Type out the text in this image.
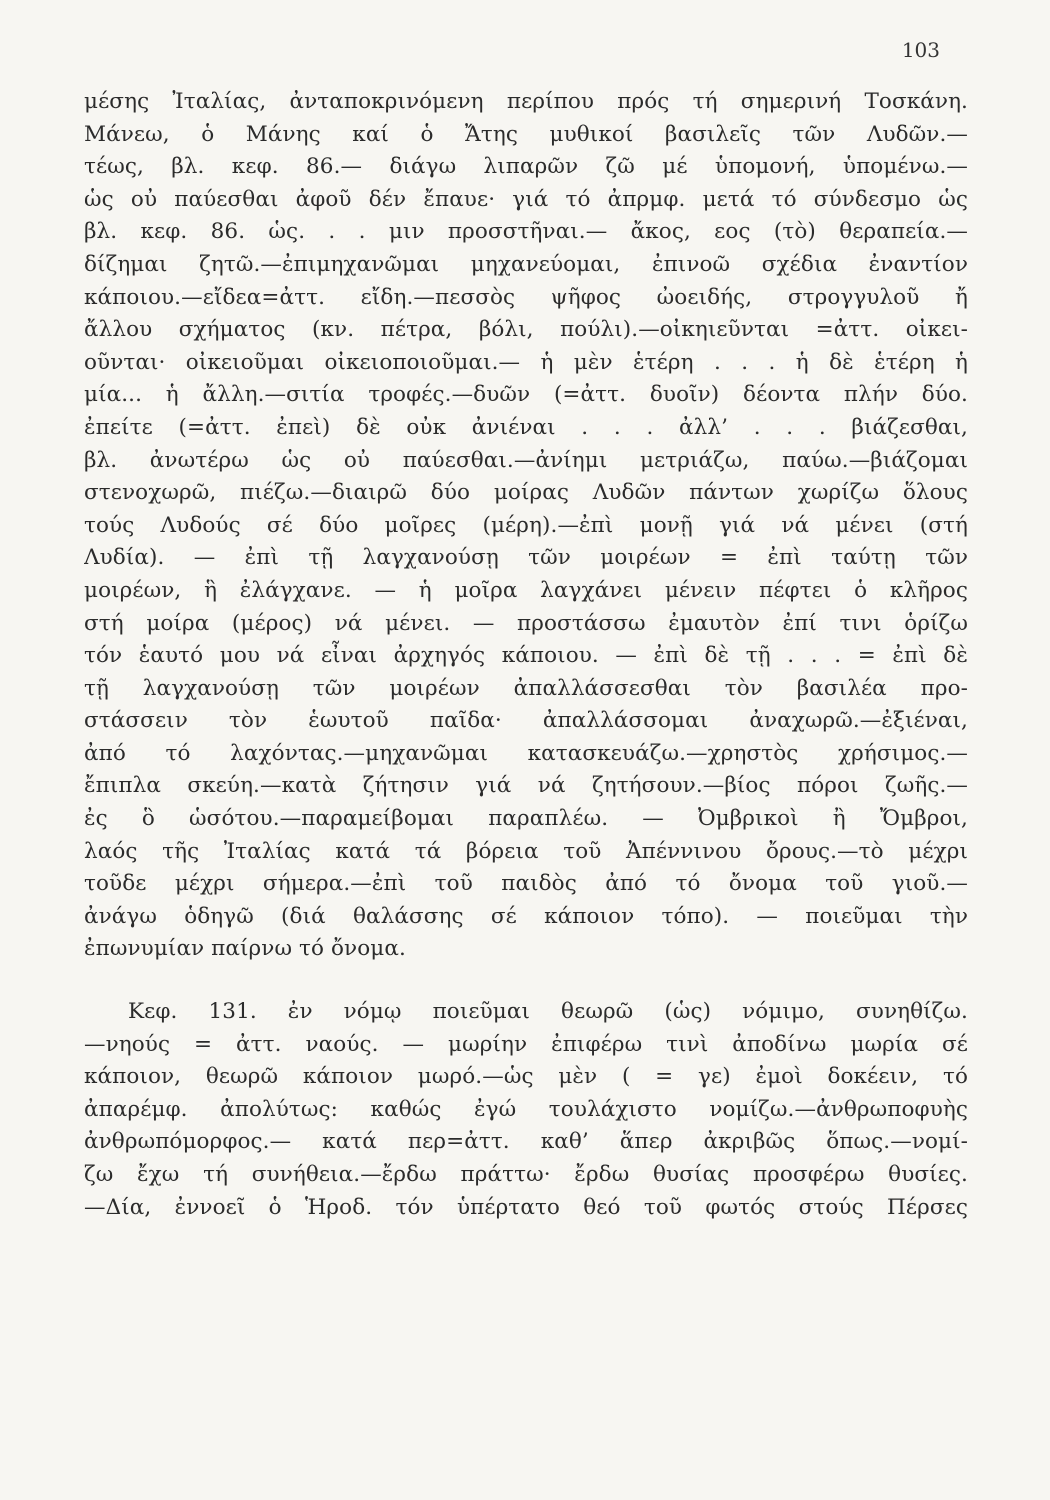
103
μέσης Ἰταλίας, ἀνταποκρινόμενη περίπου πρός τή σημερινή Τοσκάνη.
Μάνεω, ὁ Μάνης καί ὁ Ἄτης μυθικοί βασιλεῖς τῶν Λυδῶν.—
τέως, βλ. κεφ. 86.— διάγω λιπαρῶν ζῶ μέ ὑπομονή, ὑπομένω.—
ὡς οὐ παύεσθαι ἀφοῦ δέν ἔπαυε· γιά τό ἀπρμφ. μετά τό σύνδεσμο ὡς
βλ. κεφ. 86. ὡς. . . μιν προσστῆναι.— ἄκος, εος (τὸ) θεραπεία.—
δίζημαι ζητῶ.—ἐπιμηχανῶμαι μηχανεύομαι, ἐπινοῶ σχέδια ἐναντίον
κάποιου.—εἴδεα=ἀττ. εἴδη.—πεσσὸς ψῆφος ὠοειδής, στρογγυλοῦ ἤ
ἄλλου σχήματος (κν. πέτρα, βόλι, πούλι).—οἰκηιεῦνται =ἀττ. οἰκει-
οῦνται· οἰκειοῦμαι οἰκειοποιοῦμαι.— ἡ μὲν ἑτέρη . . . ἡ δὲ ἑτέρη ἡ
μία... ἡ ἄλλη.—σιτία τροφές.—δυῶν (=ἀττ. δυοῖν) δέοντα πλήν δύο.
ἐπείτε (=ἀττ. ἐπεὶ) δὲ οὐκ ἀνιέναι . . . ἀλλ’ . . . βιάζεσθαι,
βλ. ἀνωτέρω ὡς οὐ παύεσθαι.—ἀνίημι μετριάζω, παύω.—βιάζομαι
στενοχωρῶ, πιέζω.—διαιρῶ δύο μοίρας Λυδῶν πάντων χωρίζω ὅλους
τούς Λυδούς σέ δύο μοῖρες (μέρη).—ἐπὶ μονῇ γιά νά μένει (στή
Λυδία). — ἐπὶ τῇ λαγχανούσῃ τῶν μοιρέων = ἐπὶ ταύτῃ τῶν
μοιρέων, ἣ ἐλάγχανε. — ἡ μοῖρα λαγχάνει μένειν πέφτει ὁ κλῆρος
στή μοίρα (μέρος) νά μένει. — προστάσσω ἐμαυτὸν ἐπί τινι ὁρίζω
τόν ἑαυτό μου νά εἶναι ἀρχηγός κάποιου. — ἐπὶ δὲ τῇ . . . = ἐπὶ δὲ
τῇ λαγχανούσῃ τῶν μοιρέων ἀπαλλάσσεσθαι τὸν βασιλέα προ-
στάσσειν τὸν ἑωυτοῦ παῖδα· ἀπαλλάσσομαι ἀναχωρῶ.—ἐξιέναι,
ἀπό τό λαχόντας.—μηχανῶμαι κατασκευάζω.—χρηστὸς χρήσιμος.—
ἔπιπλα σκεύη.—κατὰ ζήτησιν γιά νά ζητήσουν.—βίος πόροι ζωῆς.—
ἐς ὃ ὡσότου.—παραμείβομαι παραπλέω. — Ὀμβρικοὶ ἢ Ὄμβροι,
λαός τῆς Ἰταλίας κατά τά βόρεια τοῦ Ἀπέννινου ὄρους.—τὸ μέχρι
τοῦδε μέχρι σήμερα.—ἐπὶ τοῦ παιδὸς ἀπό τό ὄνομα τοῦ γιοῦ.—
ἀνάγω ὁδηγῶ (διά θαλάσσης σέ κάποιον τόπο). — ποιεῦμαι τὴν
ἐπωνυμίαν παίρνω τό ὄνομα.
Κεφ. 131. ἐν νόμῳ ποιεῦμαι θεωρῶ (ὡς) νόμιμο, συνηθίζω.
—νηούς = ἀττ. ναούς. — μωρίην ἐπιφέρω τινὶ ἀποδίνω μωρία σέ
κάποιον, θεωρῶ κάποιον μωρό.—ὡς μὲν ( = γε) ἐμοὶ δοκέειν, τό
ἀπαρέμφ. ἀπολύτως: καθώς ἐγώ τουλάχιστο νομίζω.—ἀνθρωποφυὴς
ἀνθρωπόμορφος.— κατά περ=ἀττ. καθ’ ἅπερ ἀκριβῶς ὅπως.—νομί-
ζω ἔχω τή συνήθεια.—ἔρδω πράττω· ἔρδω θυσίας προσφέρω θυσίες.
—Δία, ἐννοεῖ ὁ Ἡροδ. τόν ὑπέρτατο θεό τοῦ φωτός στούς Πέρσες
